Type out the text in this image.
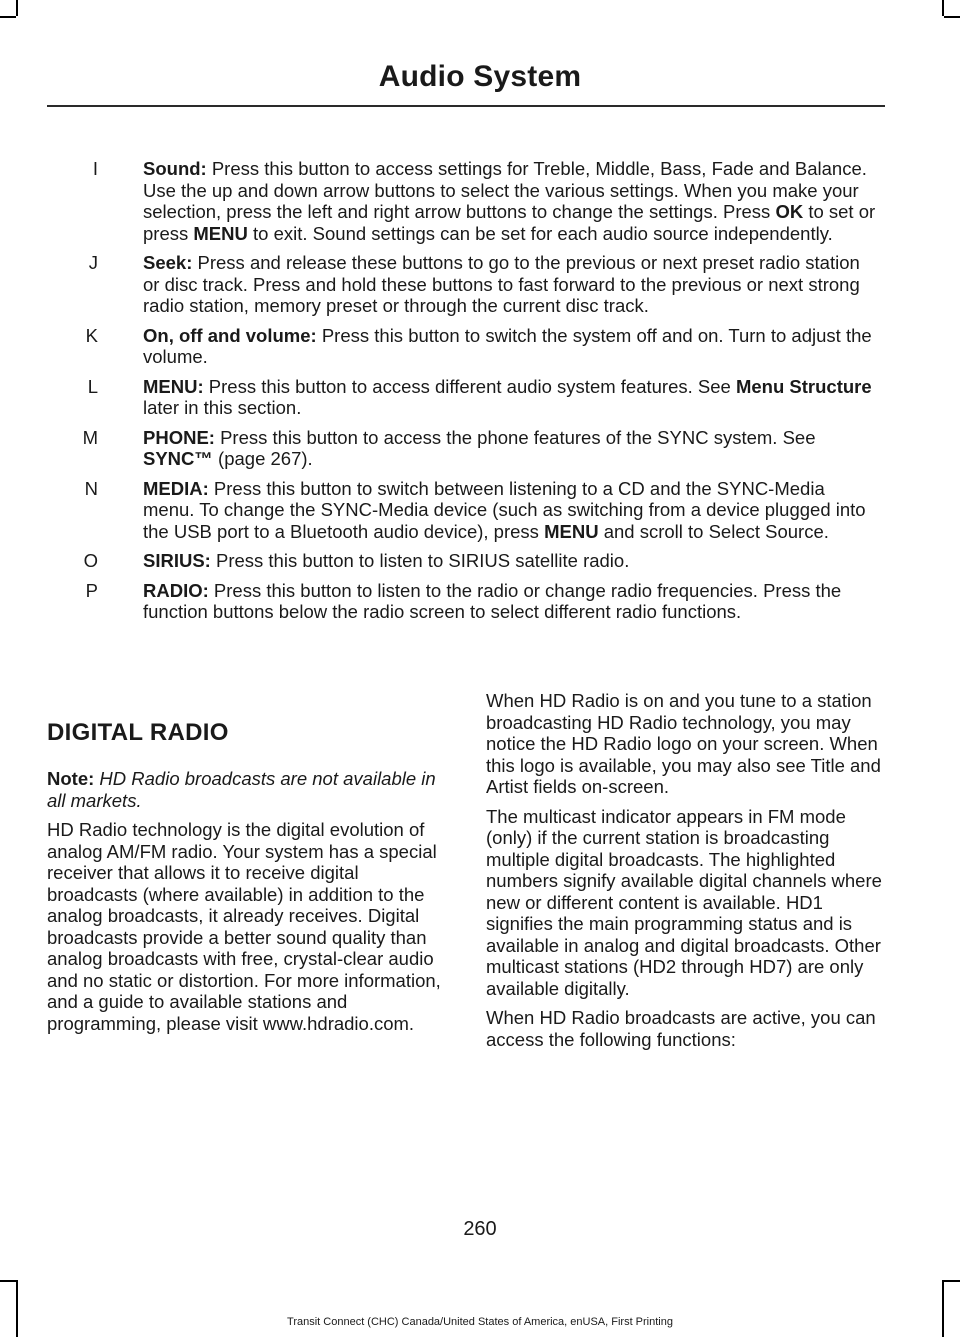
Audio System
I Sound: Press this button to access settings for Treble, Middle, Bass, Fade and Balance. Use the up and down arrow buttons to select the various settings. When you make your selection, press the left and right arrow buttons to change the settings. Press OK to set or press MENU to exit. Sound settings can be set for each audio source independently.
J Seek: Press and release these buttons to go to the previous or next preset radio station or disc track. Press and hold these buttons to fast forward to the previous or next strong radio station, memory preset or through the current disc track.
K On, off and volume: Press this button to switch the system off and on. Turn to adjust the volume.
L MENU: Press this button to access different audio system features. See Menu Structure later in this section.
M PHONE: Press this button to access the phone features of the SYNC system. See SYNC™ (page 267).
N MEDIA: Press this button to switch between listening to a CD and the SYNC-Media menu. To change the SYNC-Media device (such as switching from a device plugged into the USB port to a Bluetooth audio device), press MENU and scroll to Select Source.
O SIRIUS: Press this button to listen to SIRIUS satellite radio.
P RADIO: Press this button to listen to the radio or change radio frequencies. Press the function buttons below the radio screen to select different radio functions.
DIGITAL RADIO
Note: HD Radio broadcasts are not available in all markets.
HD Radio technology is the digital evolution of analog AM/FM radio. Your system has a special receiver that allows it to receive digital broadcasts (where available) in addition to the analog broadcasts, it already receives. Digital broadcasts provide a better sound quality than analog broadcasts with free, crystal-clear audio and no static or distortion. For more information, and a guide to available stations and programming, please visit www.hdradio.com.
When HD Radio is on and you tune to a station broadcasting HD Radio technology, you may notice the HD Radio logo on your screen. When this logo is available, you may also see Title and Artist fields on-screen.
The multicast indicator appears in FM mode (only) if the current station is broadcasting multiple digital broadcasts. The highlighted numbers signify available digital channels where new or different content is available. HD1 signifies the main programming status and is available in analog and digital broadcasts. Other multicast stations (HD2 through HD7) are only available digitally.
When HD Radio broadcasts are active, you can access the following functions:
260
Transit Connect (CHC) Canada/United States of America, enUSA, First Printing
